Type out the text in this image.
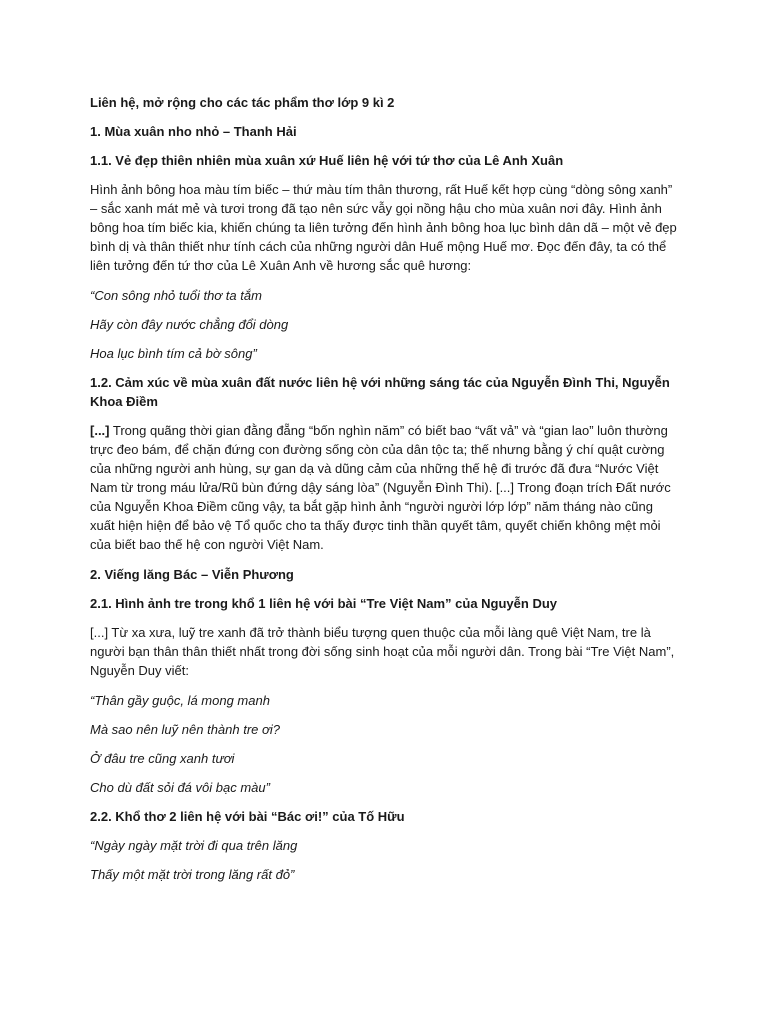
Liên hệ, mở rộng cho các tác phẩm thơ lớp 9 kì 2
1. Mùa xuân nho nhỏ – Thanh Hải
1.1. Vẻ đẹp thiên nhiên mùa xuân xứ Huế liên hệ với tứ thơ của Lê Anh Xuân
Hình ảnh bông hoa màu tím biếc – thứ màu tím thân thương, rất Huế kết hợp cùng “dòng sông xanh” – sắc xanh mát mẻ và tươi trong đã tạo nên sức vẫy gọi nồng hậu cho mùa xuân nơi đây. Hình ảnh bông hoa tím biếc kia, khiến chúng ta liên tưởng đến hình ảnh bông hoa lục bình dân dã – một vẻ đẹp bình dị và thân thiết như tính cách của những người dân Huế mộng Huế mơ. Đọc đến đây, ta có thể liên tưởng đến tứ thơ của Lê Xuân Anh về hương sắc quê hương:
“Con sông nhỏ tuổi thơ ta tắm
Hãy còn đây nước chẳng đổi dòng
Hoa lục bình tím cả bờ sông”
1.2. Cảm xúc về mùa xuân đất nước liên hệ với những sáng tác của Nguyễn Đình Thi, Nguyễn Khoa Điềm
[...] Trong quãng thời gian đằng đẵng “bốn nghìn năm” có biết bao “vất vả” và “gian lao” luôn thường trực đeo bám, để chặn đứng con đường sống còn của dân tộc ta; thế nhưng bằng ý chí quật cường của những người anh hùng, sự gan dạ và dũng cảm của những thế hệ đi trước đã đưa “Nước Việt Nam từ trong máu lửa/Rũ bùn đứng dậy sáng lòa” (Nguyễn Đình Thi). [...] Trong đoạn trích Đất nước của Nguyễn Khoa Điềm cũng vậy, ta bắt gặp hình ảnh “người người lớp lớp” năm tháng nào cũng xuất hiện hiện để bảo vệ Tổ quốc cho ta thấy được tinh thần quyết tâm, quyết chiến không mệt mỏi của biết bao thế hệ con người Việt Nam.
2. Viếng lăng Bác – Viễn Phương
2.1. Hình ảnh tre trong khổ 1 liên hệ với bài “Tre Việt Nam” của Nguyễn Duy
[...] Từ xa xưa, luỹ tre xanh đã trở thành biểu tượng quen thuộc của mỗi làng quê Việt Nam, tre là người bạn thân thân thiết nhất trong đời sống sinh hoạt của mỗi người dân. Trong bài “Tre Việt Nam”, Nguyễn Duy viết:
“Thân gầy guộc, lá mong manh
Mà sao nên luỹ nên thành tre ơi?
Ở đâu tre cũng xanh tươi
Cho dù đất sỏi đá vôi bạc màu”
2.2. Khổ thơ 2 liên hệ với bài “Bác ơi!” của Tố Hữu
“Ngày ngày mặt trời đi qua trên lăng
Thấy một mặt trời trong lăng rất đỏ”
